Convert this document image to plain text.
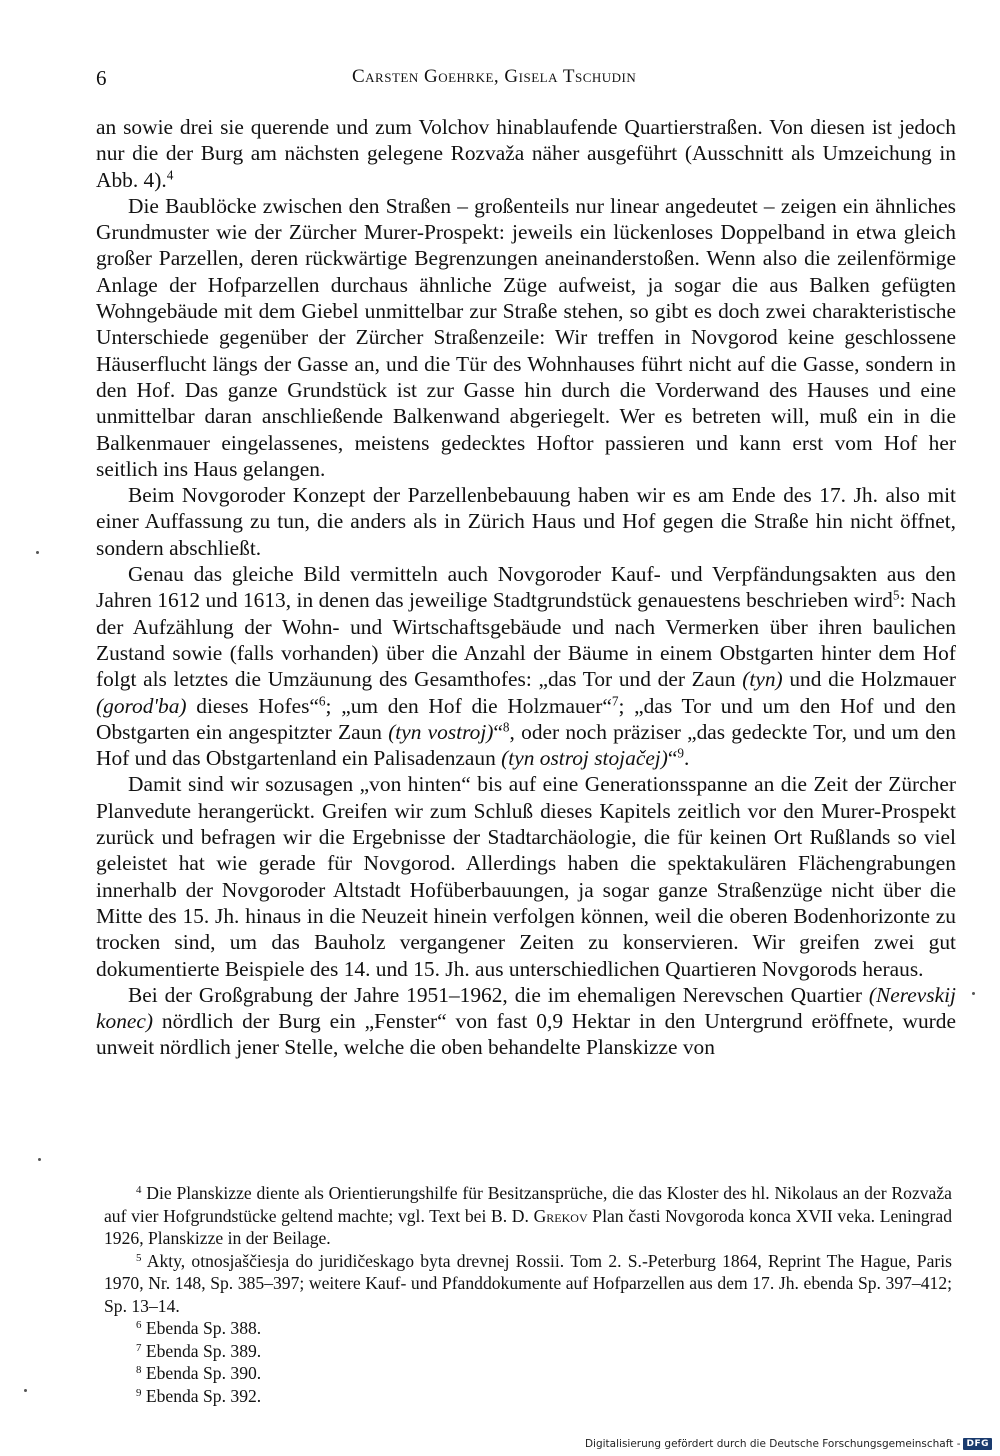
6	Carsten Goehrke, Gisela Tschudin

an sowie drei sie querende und zum Volchov hinablaufende Quartierstraßen. Von diesen ist jedoch nur die der Burg am nächsten gelegene Rozvaža näher ausgeführt (Ausschnitt als Umzeichung in Abb. 4).$^4$

Die Baublöcke zwischen den Straßen – großenteils nur linear angedeutet – zeigen ein ähnliches Grundmuster wie der Zürcher Murer-Prospekt: jeweils ein lückenloses Doppelband in etwa gleich großer Parzellen, deren rückwärtige Begrenzungen aneinanderstoßen. Wenn also die zeilenförmige Anlage der Hofparzellen durchaus ähnliche Züge aufweist, ja sogar die aus Balken gefügten Wohngebäude mit dem Giebel unmittelbar zur Straße stehen, so gibt es doch zwei charakteristische Unterschiede gegenüber der Zürcher Straßenzeile: Wir treffen in Novgorod keine geschlossene Häuserflucht längs der Gasse an, und die Tür des Wohnhauses führt nicht auf die Gasse, sondern in den Hof. Das ganze Grundstück ist zur Gasse hin durch die Vorderwand des Hauses und eine unmittelbar daran anschließende Balkenwand abgeriegelt. Wer es betreten will, muß ein in die Balkenmauer eingelassenes, meistens gedecktes Hoftor passieren und kann erst vom Hof her seitlich ins Haus gelangen.

Beim Novgoroder Konzept der Parzellenbebauung haben wir es am Ende des 17. Jh. also mit einer Auffassung zu tun, die anders als in Zürich Haus und Hof gegen die Straße hin nicht öffnet, sondern abschließt.

Genau das gleiche Bild vermitteln auch Novgoroder Kauf- und Verpfändungsakten aus den Jahren 1612 und 1613, in denen das jeweilige Stadtgrundstück genauestens beschrieben wird$^5$: Nach der Aufzählung der Wohn- und Wirtschaftsgebäude und nach Vermerken über ihren baulichen Zustand sowie (falls vorhanden) über die Anzahl der Bäume in einem Obstgarten hinter dem Hof folgt als letztes die Umzäunung des Gesamthofes: „das Tor und der Zaun (tyn) und die Holzmauer (gorod'ba) dieses Hofes“$^6$; „um den Hof die Holzmauer“$^7$; „das Tor und um den Hof und den Obstgarten ein angespitzter Zaun (tyn vostroj)“$^8$, oder noch präziser „das gedeckte Tor, und um den Hof und das Obstgartenland ein Palisadenzaun (tyn ostroj stojačej)“$^9$.

Damit sind wir sozusagen „von hinten“ bis auf eine Generationsspanne an die Zeit der Zürcher Planvedute herangerückt. Greifen wir zum Schluß dieses Kapitels zeitlich vor den Murer-Prospekt zurück und befragen wir die Ergebnisse der Stadtarchäologie, die für keinen Ort Rußlands so viel geleistet hat wie gerade für Novgorod. Allerdings haben die spektakulären Flächengrabungen innerhalb der Novgoroder Altstadt Hofüberbauungen, ja sogar ganze Straßenzüge nicht über die Mitte des 15. Jh. hinaus in die Neuzeit hinein verfolgen können, weil die oberen Bodenhorizonte zu trocken sind, um das Bauholz vergangener Zeiten zu konservieren. Wir greifen zwei gut dokumentierte Beispiele des 14. und 15. Jh. aus unterschiedlichen Quartieren Novgorods heraus.

Bei der Großgrabung der Jahre 1951–1962, die im ehemaligen Nerevschen Quartier (Nerevskij konec) nördlich der Burg ein „Fenster“ von fast 0,9 Hektar in den Untergrund eröffnete, wurde unweit nördlich jener Stelle, welche die oben behandelte Planskizze von

$^4$ Die Planskizze diente als Orientierungshilfe für Besitzansprüche, die das Kloster des hl. Nikolaus an der Rozvaža auf vier Hofgrundstücke geltend machte; vgl. Text bei B. D. Grekov Plan časti Novgoroda konca XVII veka. Leningrad 1926, Planskizze in der Beilage.

$^5$ Akty, otnosjaščiesja do juridičeskago byta drevnej Rossii. Tom 2. S.-Peterburg 1864, Reprint The Hague, Paris 1970, Nr. 148, Sp. 385–397; weitere Kauf- und Pfanddokumente auf Hofparzellen aus dem 17. Jh. ebenda Sp. 397–412; Sp. 13–14.

$^6$ Ebenda Sp. 388.

$^7$ Ebenda Sp. 389.

$^8$ Ebenda Sp. 390.

$^9$ Ebenda Sp. 392.

Digitalisierung gefördert durch die Deutsche Forschungsgemeinschaft - DFG
